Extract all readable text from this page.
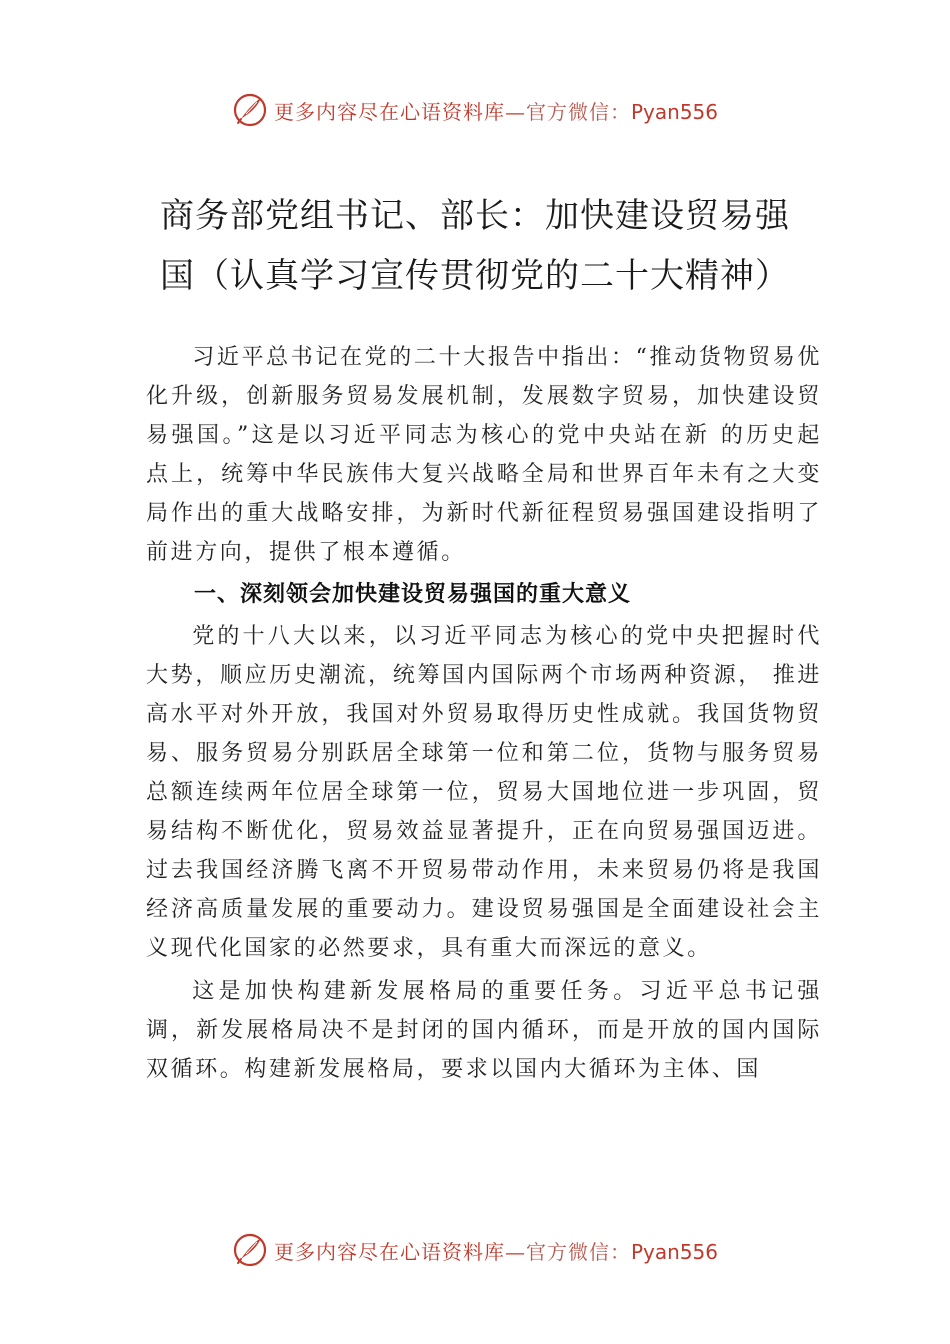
更多内容尽在心语资料库—官方微信：Pyan556
商务部党组书记、部长：加快建设贸易强国（认真学习宣传贯彻党的二十大精神）

习近平总书记在党的二十大报告中指出：“推动货物贸易优化升级，创新服务贸易发展机制，发展数字贸易，加快建设贸易强国。”这是以习近平同志为核心的党中央站在新 的历史起点上，统筹中华民族伟大复兴战略全局和世界百年未有之大变局作出的重大战略安排，为新时代新征程贸易强国建设指明了前进方向，提供了根本遵循。

一、深刻领会加快建设贸易强国的重大意义

党的十八大以来，以习近平同志为核心的党中央把握时代大势，顺应历史潮流，统筹国内国际两个市场两种资源， 推进高水平对外开放，我国对外贸易取得历史性成就。我国货物贸易、服务贸易分别跃居全球第一位和第二位，货物与服务贸易总额连续两年位居全球第一位，贸易大国地位进一步巩固，贸易结构不断优化，贸易效益显著提升，正在向贸易强国迈进。过去我国经济腾飞离不开贸易带动作用，未来贸易仍将是我国经济高质量发展的重要动力。建设贸易强国是全面建设社会主义现代化国家的必然要求，具有重大而深远的意义。

这是加快构建新发展格局的重要任务。习近平总书记强调，新发展格局决不是封闭的国内循环，而是开放的国内国际双循环。构建新发展格局，要求以国内大循环为主体、国

更多内容尽在心语资料库—官方微信：Pyan556
